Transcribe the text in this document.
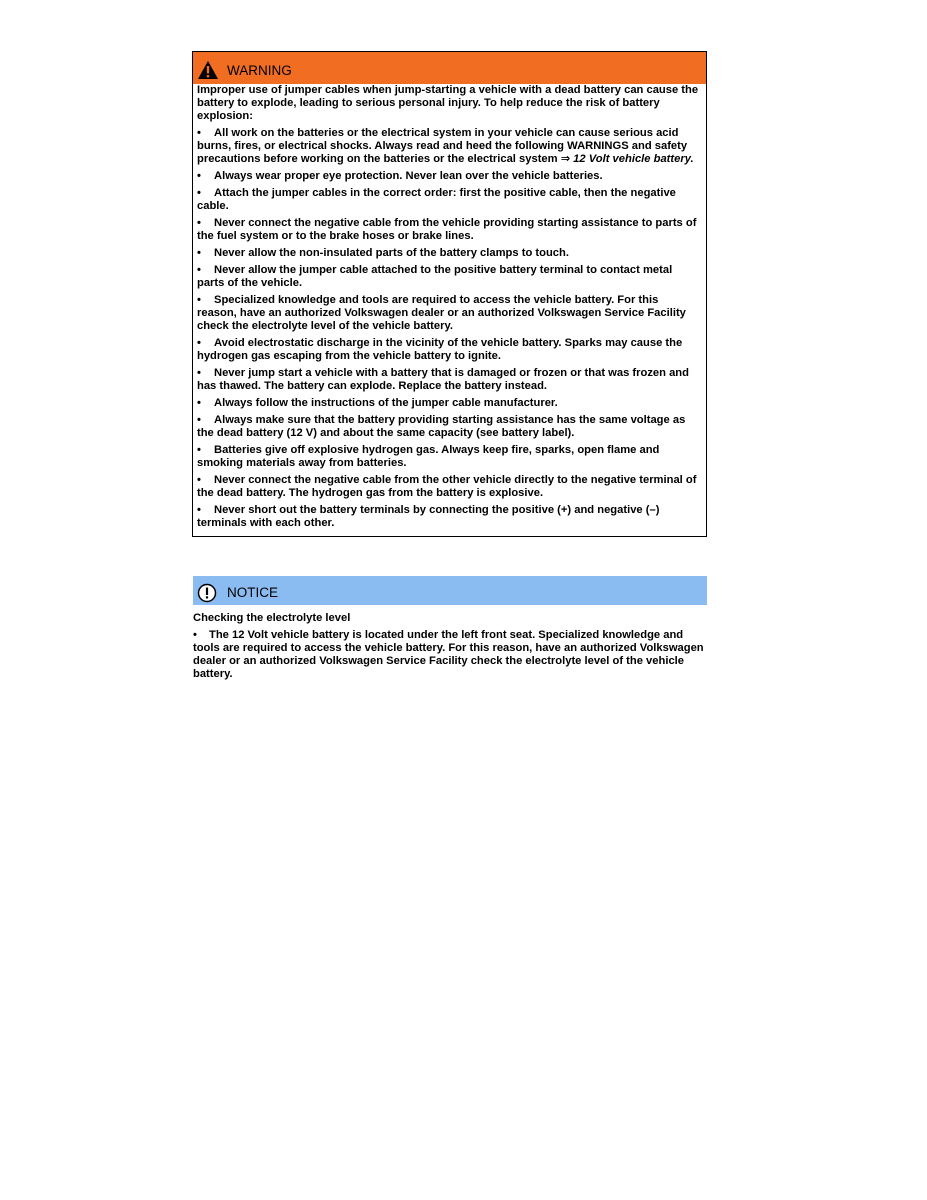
WARNING

Improper use of jumper cables when jump-starting a vehicle with a dead battery can cause the battery to explode, leading to serious personal injury. To help reduce the risk of battery explosion:

• All work on the batteries or the electrical system in your vehicle can cause serious acid burns, fires, or electrical shocks. Always read and heed the following WARNINGS and safety precautions before working on the batteries or the electrical system ⇒ 12 Volt vehicle battery.

• Always wear proper eye protection. Never lean over the vehicle batteries.

• Attach the jumper cables in the correct order: first the positive cable, then the negative cable.

• Never connect the negative cable from the vehicle providing starting assistance to parts of the fuel system or to the brake hoses or brake lines.

• Never allow the non-insulated parts of the battery clamps to touch.

• Never allow the jumper cable attached to the positive battery terminal to contact metal parts of the vehicle.

• Specialized knowledge and tools are required to access the vehicle battery. For this reason, have an authorized Volkswagen dealer or an authorized Volkswagen Service Facility check the electrolyte level of the vehicle battery.

• Avoid electrostatic discharge in the vicinity of the vehicle battery. Sparks may cause the hydrogen gas escaping from the vehicle battery to ignite.

• Never jump start a vehicle with a battery that is damaged or frozen or that was frozen and has thawed. The battery can explode. Replace the battery instead.

• Always follow the instructions of the jumper cable manufacturer.

• Always make sure that the battery providing starting assistance has the same voltage as the dead battery (12 V) and about the same capacity (see battery label).

• Batteries give off explosive hydrogen gas. Always keep fire, sparks, open flame and smoking materials away from batteries.

• Never connect the negative cable from the other vehicle directly to the negative terminal of the dead battery. The hydrogen gas from the battery is explosive.

• Never short out the battery terminals by connecting the positive (+) and negative (–) terminals with each other.

NOTICE

Checking the electrolyte level

• The 12 Volt vehicle battery is located under the left front seat. Specialized knowledge and tools are required to access the vehicle battery. For this reason, have an authorized Volkswagen dealer or an authorized Volkswagen Service Facility check the electrolyte level of the vehicle battery.
